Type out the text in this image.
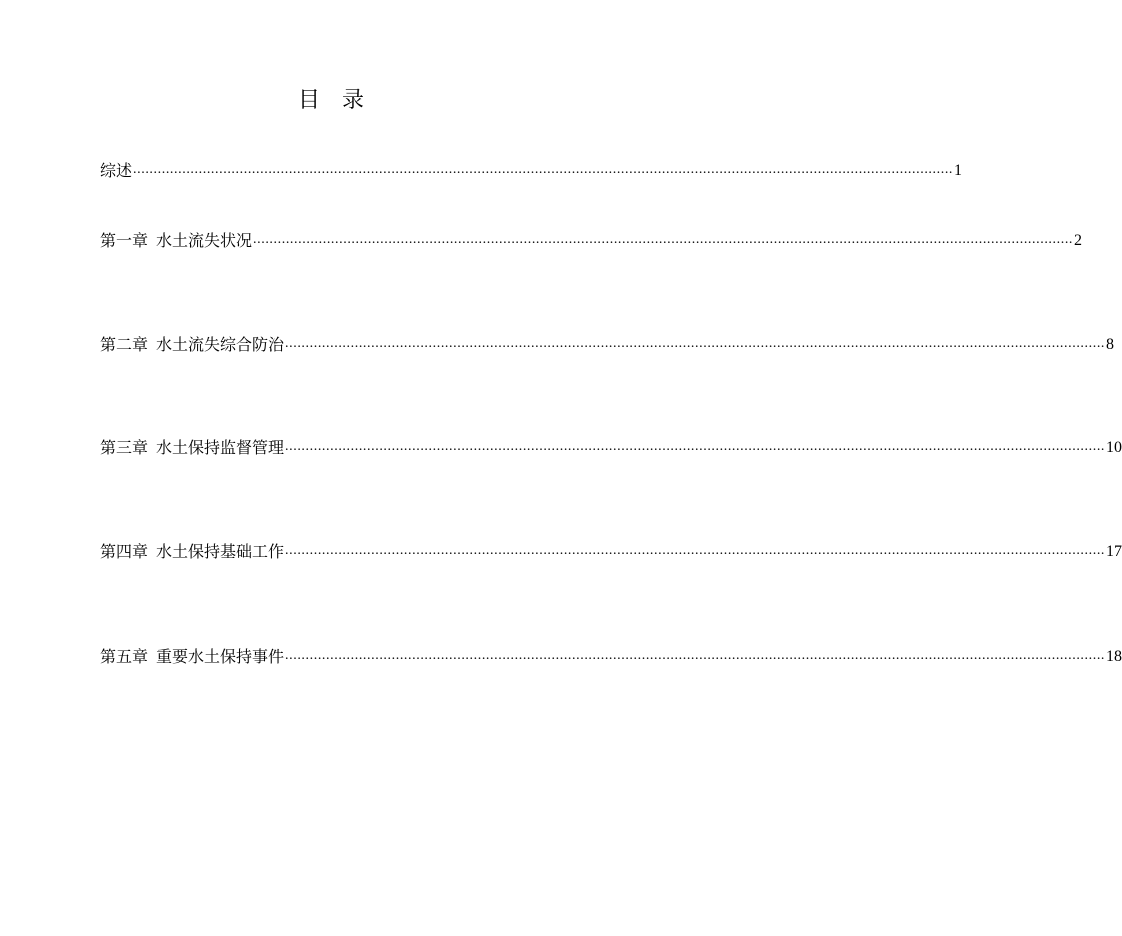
目 录
综述 ........................................................................................................................................................................................................ 1
第一章 水土流失状况 ........................................................................................................................................................................................................ 2
第二章 水土流失综合防治 ........................................................................................................................................................................................................ 8
第三章 水土保持监督管理 ........................................................................................................................................................................................................ 10
第四章 水土保持基础工作 ........................................................................................................................................................................................................ 17
第五章 重要水土保持事件 ........................................................................................................................................................................................................ 18
